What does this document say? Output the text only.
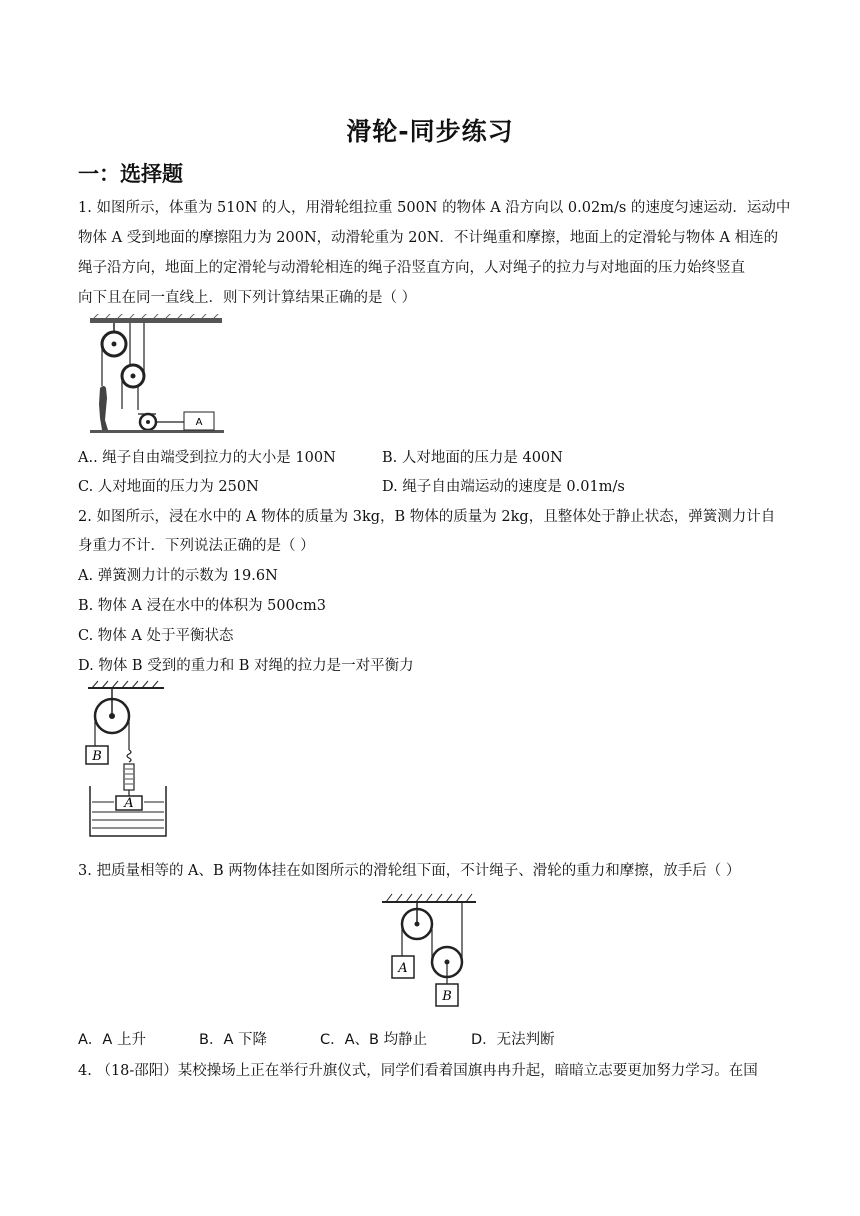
滑轮-同步练习
一：选择题
1. 如图所示，体重为 510N 的人，用滑轮组拉重 500N 的物体 A 沿方向以 0.02m/s 的速度匀速运动．运动中
物体 A 受到地面的摩擦阻力为 200N，动滑轮重为 20N．不计绳重和摩擦，地面上的定滑轮与物体 A 相连的
绳子沿方向，地面上的定滑轮与动滑轮相连的绳子沿竖直方向，人对绳子的拉力与对地面的压力始终竖直
向下且在同一直线上．则下列计算结果正确的是（ ）
A
A.. 绳子自由端受到拉力的大小是 100N	B. 人对地面的压力是 400N
C. 人对地面的压力为 250N	D. 绳子自由端运动的速度是 0.01m/s
2. 如图所示，浸在水中的 A 物体的质量为 3kg，B 物体的质量为 2kg，且整体处于静止状态，弹簧测力计自
身重力不计．下列说法正确的是（ ）
A. 弹簧测力计的示数为 19.6N
B. 物体 A 浸在水中的体积为 500cm3
C. 物体 A 处于平衡状态
D. 物体 B 受到的重力和 B 对绳的拉力是一对平衡力
B
A
3. 把质量相等的 A、B 两物体挂在如图所示的滑轮组下面，不计绳子、滑轮的重力和摩擦，放手后（ ）
A
B
A．A 上升	B．A 下降	C．A、B 均静止	D．无法判断
4. （18-邵阳）某校操场上正在举行升旗仪式，同学们看着国旗冉冉升起，暗暗立志要更加努力学习。在国
